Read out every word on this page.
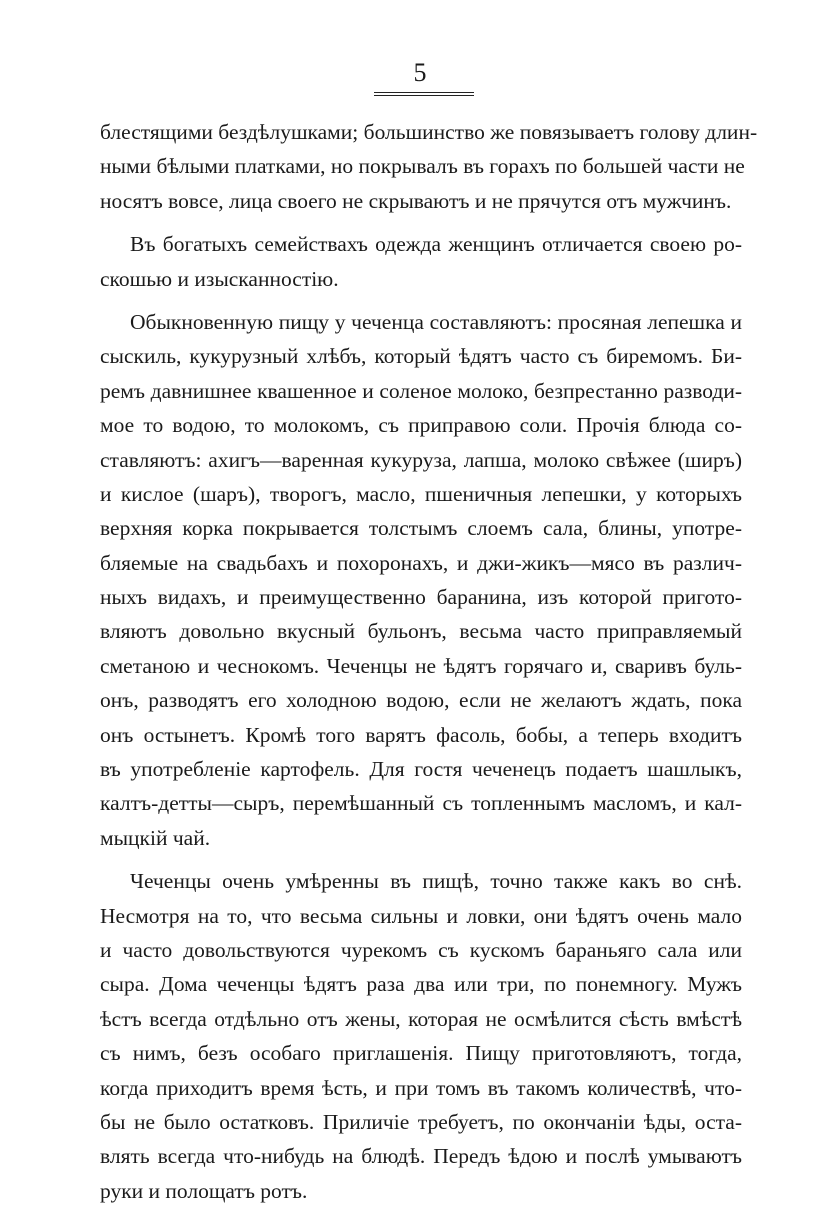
5
блестящими бездѣлушками; большинство же повязываетъ голову длин-
ными бѣлыми платками, но покрывалъ въ горахъ по большей части не
носятъ вовсе, лица своего не скрываютъ и не прячутся отъ мужчинъ.
Въ богатыхъ семействахъ одежда женщинъ отличается своею ро-
скошью и изысканностію.
Обыкновенную пищу у чеченца составляютъ: просяная лепешка и
сыскиль, кукурузный хлѣбъ, который ѣдятъ часто съ биремомъ. Би-
ремъ давнишнее квашенное и соленое молоко, безпрестанно разводи-
мое то водою, то молокомъ, съ приправою соли. Прочія блюда со-
ставляютъ: ахигъ—варенная кукуруза, лапша, молоко свѣжее (ширъ)
и кислое (шаръ), творогъ, масло, пшеничныя лепешки, у которыхъ
верхняя корка покрывается толстымъ слоемъ сала, блины, употре-
бляемые на свадьбахъ и похоронахъ, и джи-жикъ—мясо въ различ-
ныхъ видахъ, и преимущественно баранина, изъ которой пригото-
вляютъ довольно вкусный бульонъ, весьма часто приправляемый
сметаною и чеснокомъ. Чеченцы не ѣдятъ горячаго и, сваривъ буль-
онъ, разводятъ его холодною водою, если не желаютъ ждать, пока
онъ остынетъ. Кромѣ того варятъ фасоль, бобы, а теперь входитъ
въ употребленіе картофель. Для гостя чеченецъ подаетъ шашлыкъ,
калтъ-детты—сыръ, перемѣшанный съ топленнымъ масломъ, и кал-
мыцкій чай.
Чеченцы очень умѣренны въ пищѣ, точно также какъ во снѣ.
Несмотря на то, что весьма сильны и ловки, они ѣдятъ очень мало
и часто довольствуются чурекомъ съ кускомъ бараньяго сала или
сыра. Дома чеченцы ѣдятъ раза два или три, по понемногу. Мужъ
ѣстъ всегда отдѣльно отъ жены, которая не осмѣлится сѣсть вмѣстѣ
съ нимъ, безъ особаго приглашенія. Пищу приготовляютъ, тогда,
когда приходитъ время ѣсть, и при томъ въ такомъ количествѣ, что-
бы не было остатковъ. Приличіе требуетъ, по окончаніи ѣды, оста-
влять всегда что-нибудь на блюдѣ. Передъ ѣдою и послѣ умываютъ
руки и полощатъ ротъ.
